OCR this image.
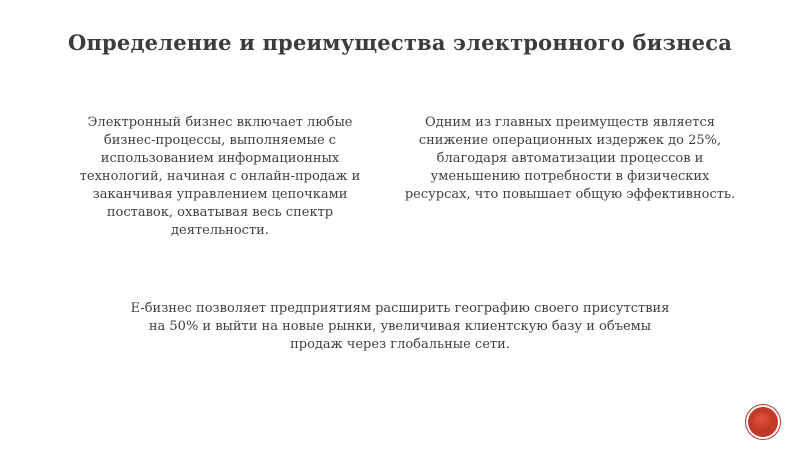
Определение и преимущества электронного бизнеса
Электронный бизнес включает любые бизнес-процессы, выполняемые с использованием информационных технологий, начиная с онлайн-продаж и заканчивая управлением цепочками поставок, охватывая весь спектр деятельности.
Одним из главных преимуществ является снижение операционных издержек до 25%, благодаря автоматизации процессов и уменьшению потребности в физических ресурсах, что повышает общую эффективность.
E-бизнес позволяет предприятиям расширить географию своего присутствия на 50% и выйти на новые рынки, увеличивая клиентскую базу и объемы продаж через глобальные сети.
